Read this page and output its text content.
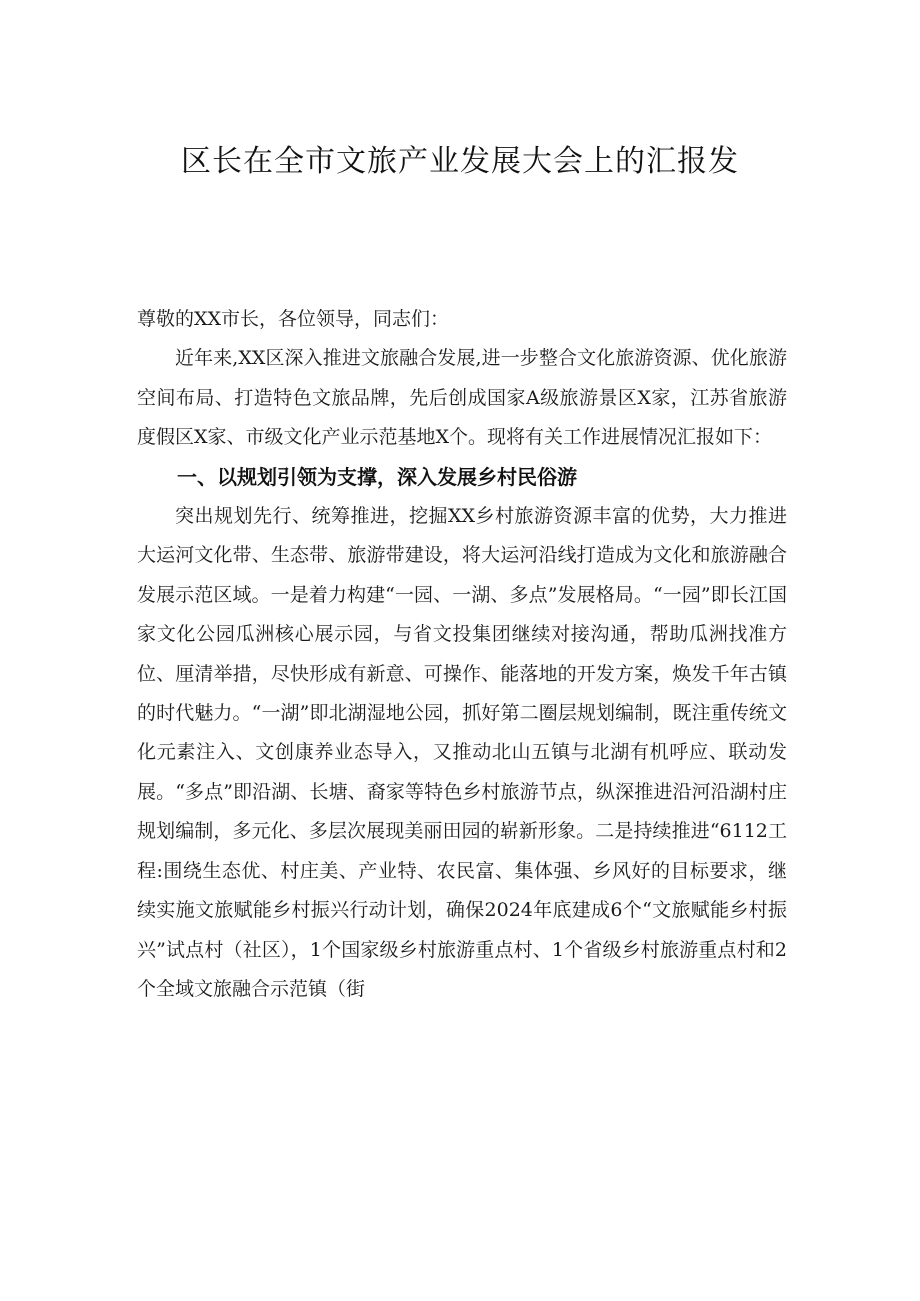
区长在全市文旅产业发展大会上的汇报发

尊敬的XX市长，各位领导，同志们：

近年来,XX区深入推进文旅融合发展,进一步整合文化旅游资源、优化旅游空间布局、打造特色文旅品牌，先后创成国家A级旅游景区X家，江苏省旅游度假区X家、市级文化产业示范基地X个。现将有关工作进展情况汇报如下：

一、以规划引领为支撑，深入发展乡村民俗游

突出规划先行、统筹推进，挖掘XX乡村旅游资源丰富的优势，大力推进大运河文化带、生态带、旅游带建设，将大运河沿线打造成为文化和旅游融合发展示范区域。一是着力构建“一园、一湖、多点”发展格局。“一园”即长江国家文化公园瓜洲核心展示园，与省文投集团继续对接沟通，帮助瓜洲找准方位、厘清举措，尽快形成有新意、可操作、能落地的开发方案，焕发千年古镇的时代魅力。“一湖”即北湖湿地公园，抓好第二圈层规划编制，既注重传统文化元素注入、文创康养业态导入，又推动北山五镇与北湖有机呼应、联动发展。“多点”即沿湖、长塘、裔家等特色乡村旅游节点，纵深推进沿河沿湖村庄规划编制，多元化、多层次展现美丽田园的崭新形象。二是持续推进“6112工程:围绕生态优、村庄美、产业特、农民富、集体强、乡风好的目标要求，继续实施文旅赋能乡村振兴行动计划，确保2024年底建成6个“文旅赋能乡村振兴”试点村（社区），1个国家级乡村旅游重点村、1个省级乡村旅游重点村和2个全域文旅融合示范镇（街
